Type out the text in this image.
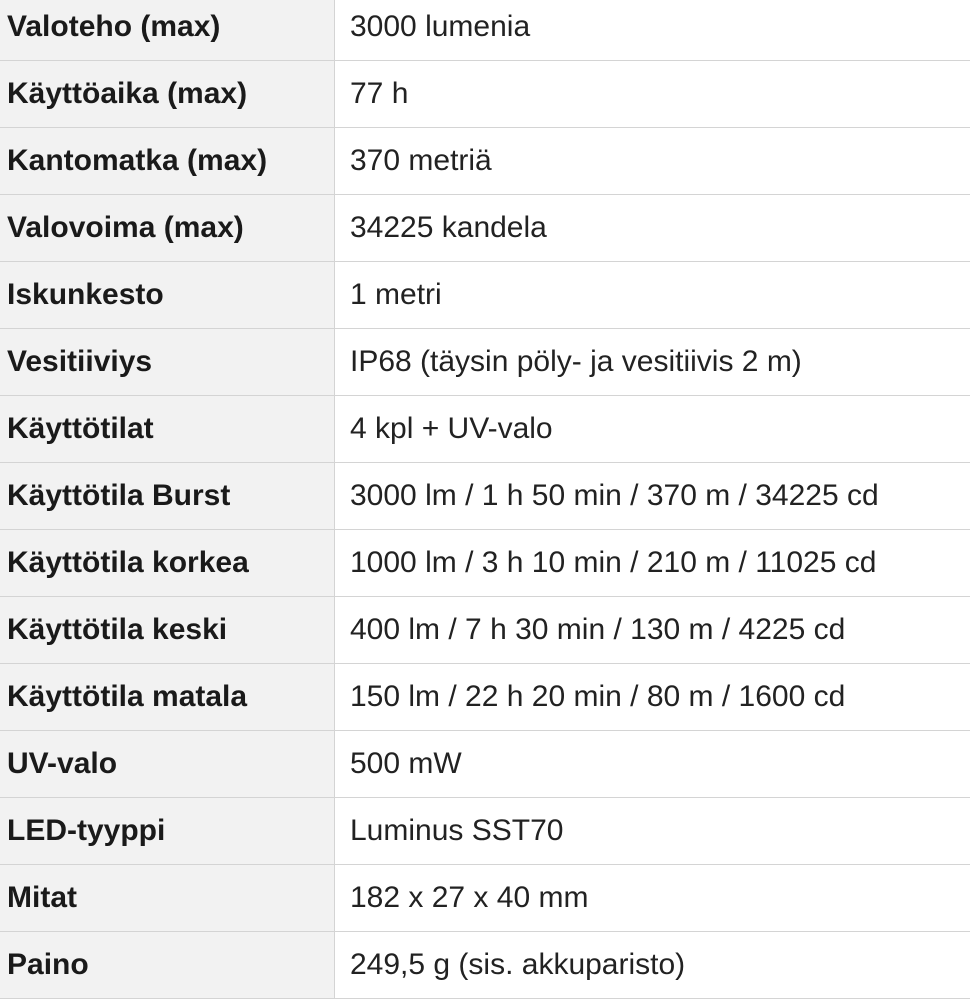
Valoteho (max)	3000 lumenia
Käyttöaika (max)	77 h
Kantomatka (max)	370 metriä
Valovoima (max)	34225 kandela
Iskunkesto	1 metri
Vesitiiviys	IP68 (täysin pöly- ja vesitiivis 2 m)
Käyttötilat	4 kpl + UV-valo
Käyttötila Burst	3000 lm / 1 h 50 min / 370 m / 34225 cd
Käyttötila korkea	1000 lm / 3 h 10 min / 210 m / 11025 cd
Käyttötila keski	400 lm / 7 h 30 min / 130 m / 4225 cd
Käyttötila matala	150 lm / 22 h 20 min / 80 m / 1600 cd
UV-valo	500 mW
LED-tyyppi	Luminus SST70
Mitat	182 x 27 x 40 mm
Paino	249,5 g (sis. akkuparisto)
